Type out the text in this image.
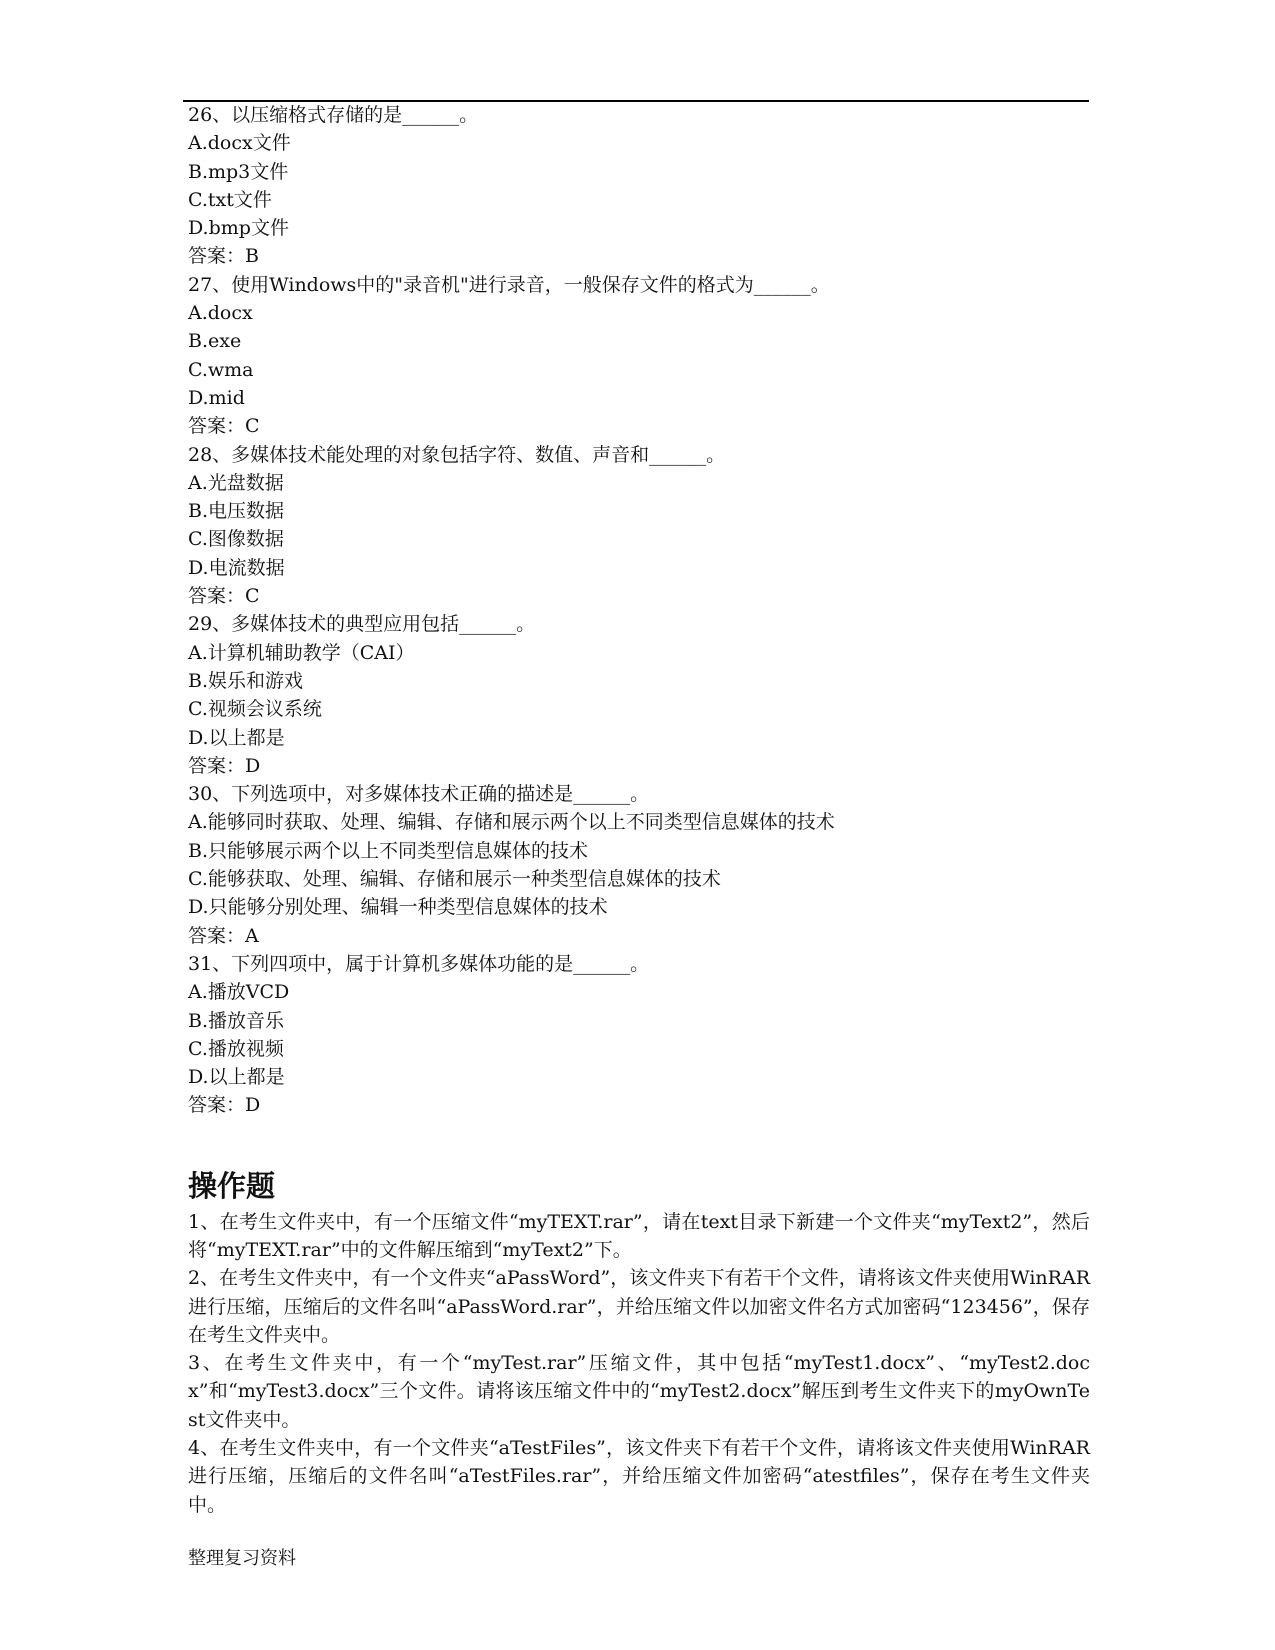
26、以压缩格式存储的是______。
A.docx文件
B.mp3文件
C.txt文件
D.bmp文件
答案：B
27、使用Windows中的"录音机"进行录音，一般保存文件的格式为______。
A.docx
B.exe
C.wma
D.mid
答案：C
28、多媒体技术能处理的对象包括字符、数值、声音和______。
A.光盘数据
B.电压数据
C.图像数据
D.电流数据
答案：C
29、多媒体技术的典型应用包括______。
A.计算机辅助教学（CAI）
B.娱乐和游戏
C.视频会议系统
D.以上都是
答案：D
30、下列选项中，对多媒体技术正确的描述是______。
A.能够同时获取、处理、编辑、存储和展示两个以上不同类型信息媒体的技术
B.只能够展示两个以上不同类型信息媒体的技术
C.能够获取、处理、编辑、存储和展示一种类型信息媒体的技术
D.只能够分别处理、编辑一种类型信息媒体的技术
答案：A
31、下列四项中，属于计算机多媒体功能的是______。
A.播放VCD
B.播放音乐
C.播放视频
D.以上都是
答案：D
操作题
1、在考生文件夹中，有一个压缩文件“myTEXT.rar”，请在text目录下新建一个文件夹“myText2”，然后将“myTEXT.rar”中的文件解压缩到“myText2”下。
2、在考生文件夹中，有一个文件夹“aPassWord”，该文件夹下有若干个文件，请将该文件夹使用WinRAR进行压缩，压缩后的文件名叫“aPassWord.rar”，并给压缩文件以加密文件名方式加密码“123456”，保存在考生文件夹中。
3、在考生文件夹中，有一个“myTest.rar”压缩文件，其中包括“myTest1.docx”、“myTest2.docx”和“myTest3.docx”三个文件。请将该压缩文件中的“myTest2.docx”解压到考生文件夹下的myOwnTest文件夹中。
4、在考生文件夹中，有一个文件夹“aTestFiles”，该文件夹下有若干个文件，请将该文件夹使用WinRAR进行压缩，压缩后的文件名叫“aTestFiles.rar”，并给压缩文件加密码“atestfiles”，保存在考生文件夹中。
整理复习资料
